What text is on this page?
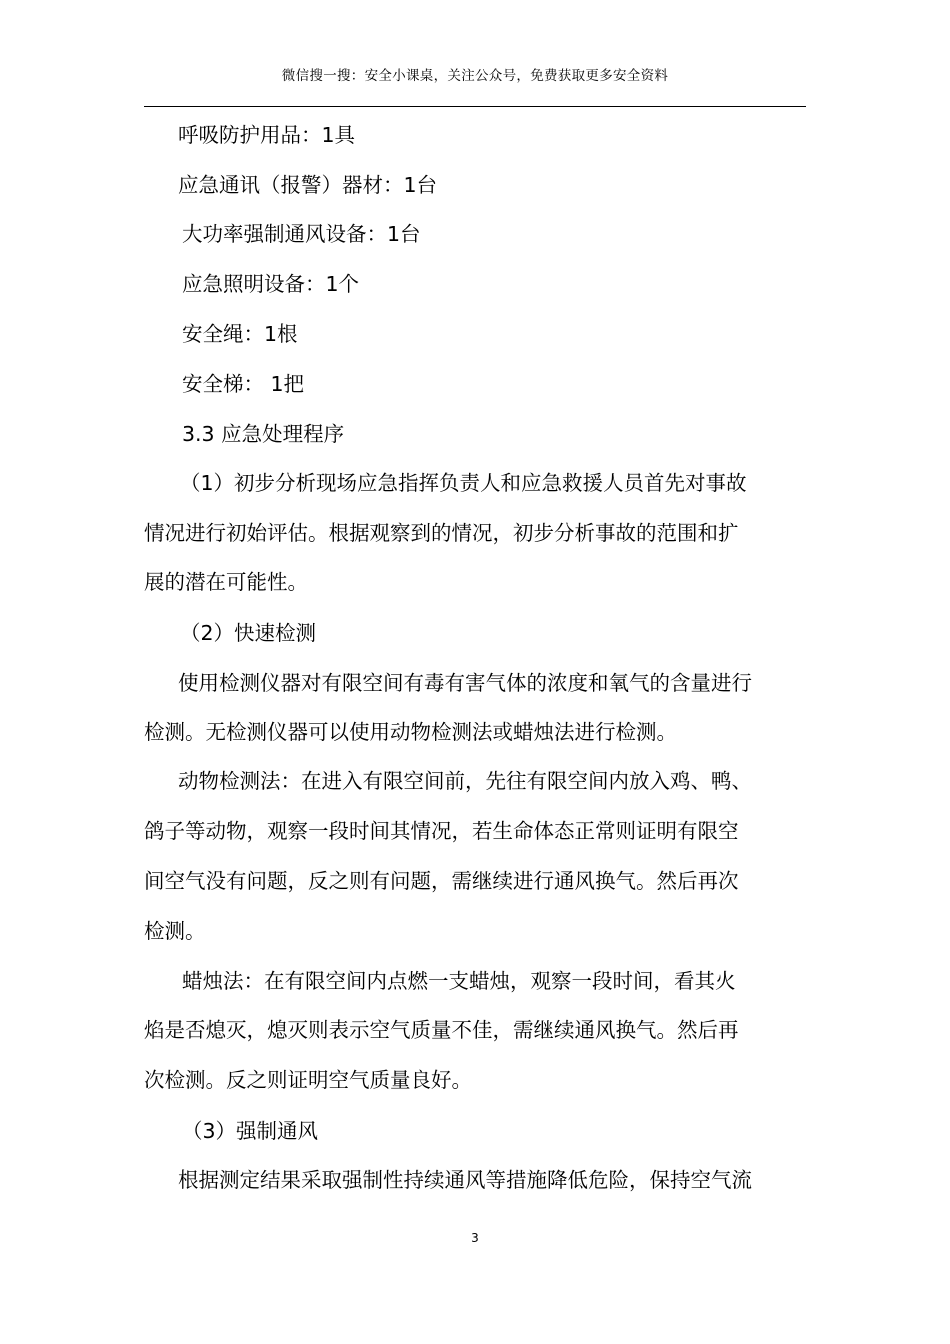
微信搜一搜：安全小课桌，关注公众号，免费获取更多安全资料
呼吸防护用品：1具
应急通讯（报警）器材：1台
大功率强制通风设备：1台
应急照明设备：1个
安全绳：1根
安全梯： 1把
3.3 应急处理程序
（1）初步分析现场应急指挥负责人和应急救援人员首先对事故
情况进行初始评估。根据观察到的情况，初步分析事故的范围和扩
展的潜在可能性。
（2）快速检测
使用检测仪器对有限空间有毒有害气体的浓度和氧气的含量进行
检测。无检测仪器可以使用动物检测法或蜡烛法进行检测。
动物检测法：在进入有限空间前，先往有限空间内放入鸡、鸭、
鸽子等动物，观察一段时间其情况，若生命体态正常则证明有限空
间空气没有问题，反之则有问题，需继续进行通风换气。然后再次
检测。
蜡烛法：在有限空间内点燃一支蜡烛，观察一段时间，看其火
焰是否熄灭，熄灭则表示空气质量不佳，需继续通风换气。然后再
次检测。反之则证明空气质量良好。
（3）强制通风
根据测定结果采取强制性持续通风等措施降低危险，保持空气流
3
